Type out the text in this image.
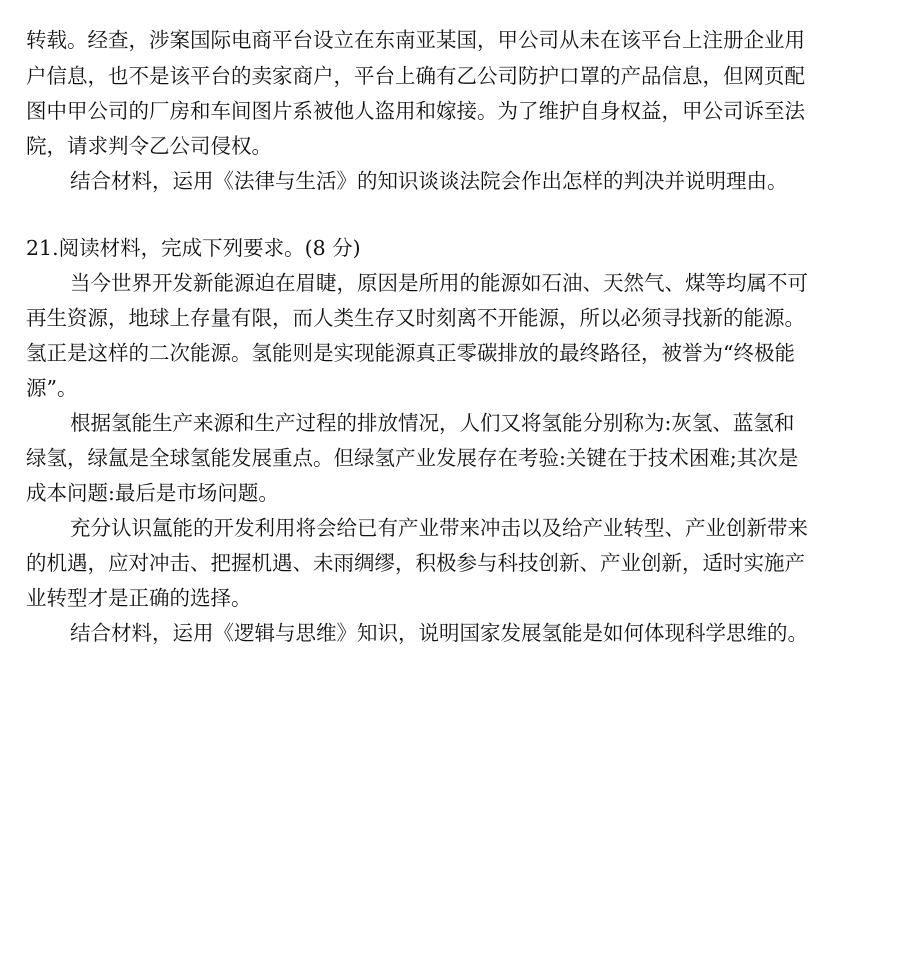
转载。经查，涉案国际电商平台设立在东南亚某国，甲公司从未在该平台上注册企业用
户信息，也不是该平台的卖家商户，平台上确有乙公司防护口罩的产品信息，但网页配
图中甲公司的厂房和车间图片系被他人盗用和嫁接。为了维护自身权益，甲公司诉至法
院，请求判令乙公司侵权。
结合材料，运用《法律与生活》的知识谈谈法院会作出怎样的判决并说明理由。
21.阅读材料，完成下列要求。(8 分)
当今世界开发新能源迫在眉睫，原因是所用的能源如石油、天然气、煤等均属不可
再生资源，地球上存量有限，而人类生存又时刻离不开能源，所以必须寻找新的能源。
氢正是这样的二次能源。氢能则是实现能源真正零碳排放的最终路径，被誉为“终极能
源”。
根据氢能生产来源和生产过程的排放情况，人们又将氢能分别称为:灰氢、蓝氢和
绿氢，绿氲是全球氢能发展重点。但绿氢产业发展存在考验:关键在于技术困难;其次是
成本问题:最后是市场问题。
充分认识氲能的开发利用将会给已有产业带来冲击以及给产业转型、产业创新带来
的机遇，应对冲击、把握机遇、未雨绸缪，积极参与科技创新、产业创新，适时实施产
业转型才是正确的选择。
结合材料，运用《逻辑与思维》知识，说明国家发展氢能是如何体现科学思维的。
